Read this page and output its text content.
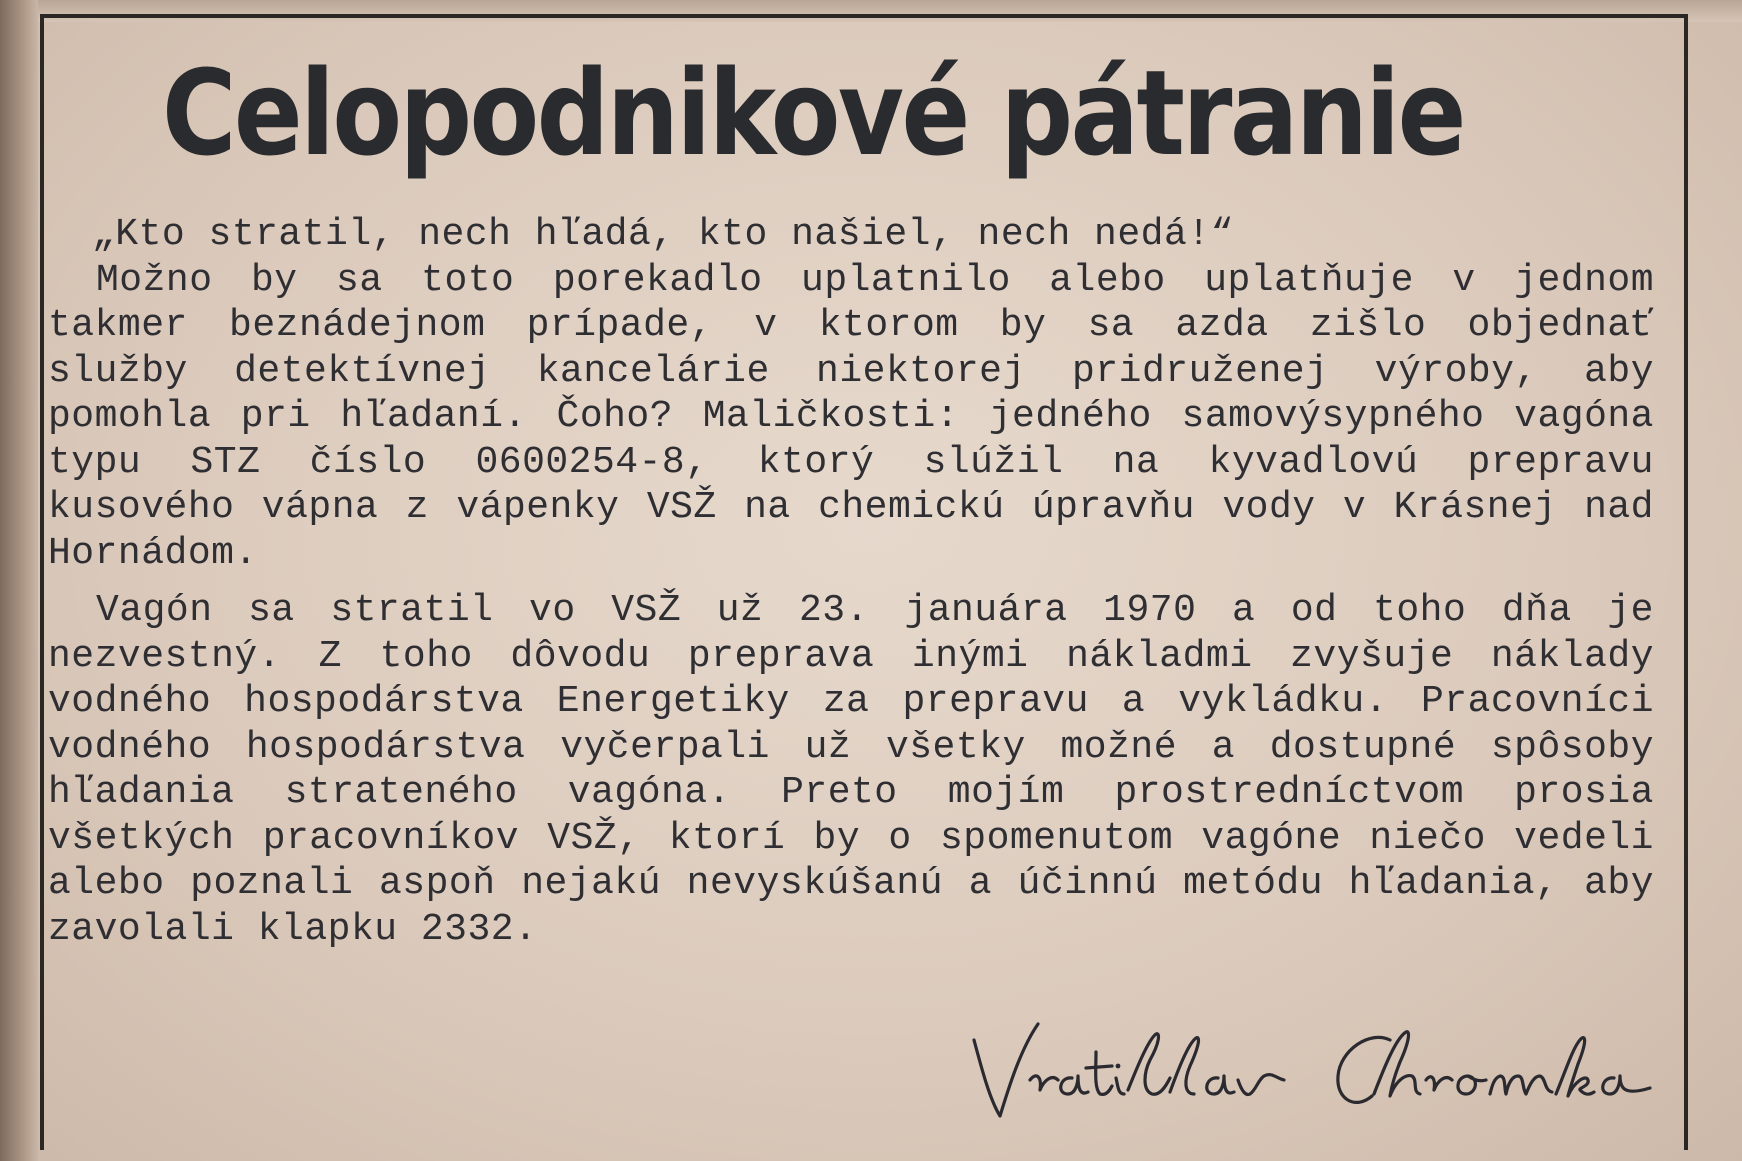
Celopodnikové pátranie

„Kto stratil, nech hľadá, kto našiel, nech nedá!“

Možno by sa toto porekadlo uplatnilo alebo uplatňuje v jednom takmer beznádejnom prípade, v ktorom by sa azda zišlo objednať služby detektívnej kancelárie niektorej pridruženej výroby, aby pomohla pri hľadaní. Čoho? Maličkosti: jedného samovýsypného vagóna typu STZ číslo 0600254-8, ktorý slúžil na kyvadlovú prepravu kusového vápna z vápenky VSŽ na chemickú úpravňu vody v Krásnej nad Hornádom.

Vagón sa stratil vo VSŽ už 23. januára 1970 a od toho dňa je nezvestný. Z toho dôvodu preprava inými nákladmi zvyšuje náklady vodného hospodárstva Energetiky za prepravu a vykládku. Pracovníci vodného hospodárstva vyčerpali už všetky možné a dostupné spôsoby hľadania strateného vagóna. Preto mojím prostredníctvom prosia všetkých pracovníkov VSŽ, ktorí by o spomenutom vagóne niečo vedeli alebo poznali aspoň nejakú nevyskúšanú a účinnú metódu hľadania, aby zavolali klapku 2332.
